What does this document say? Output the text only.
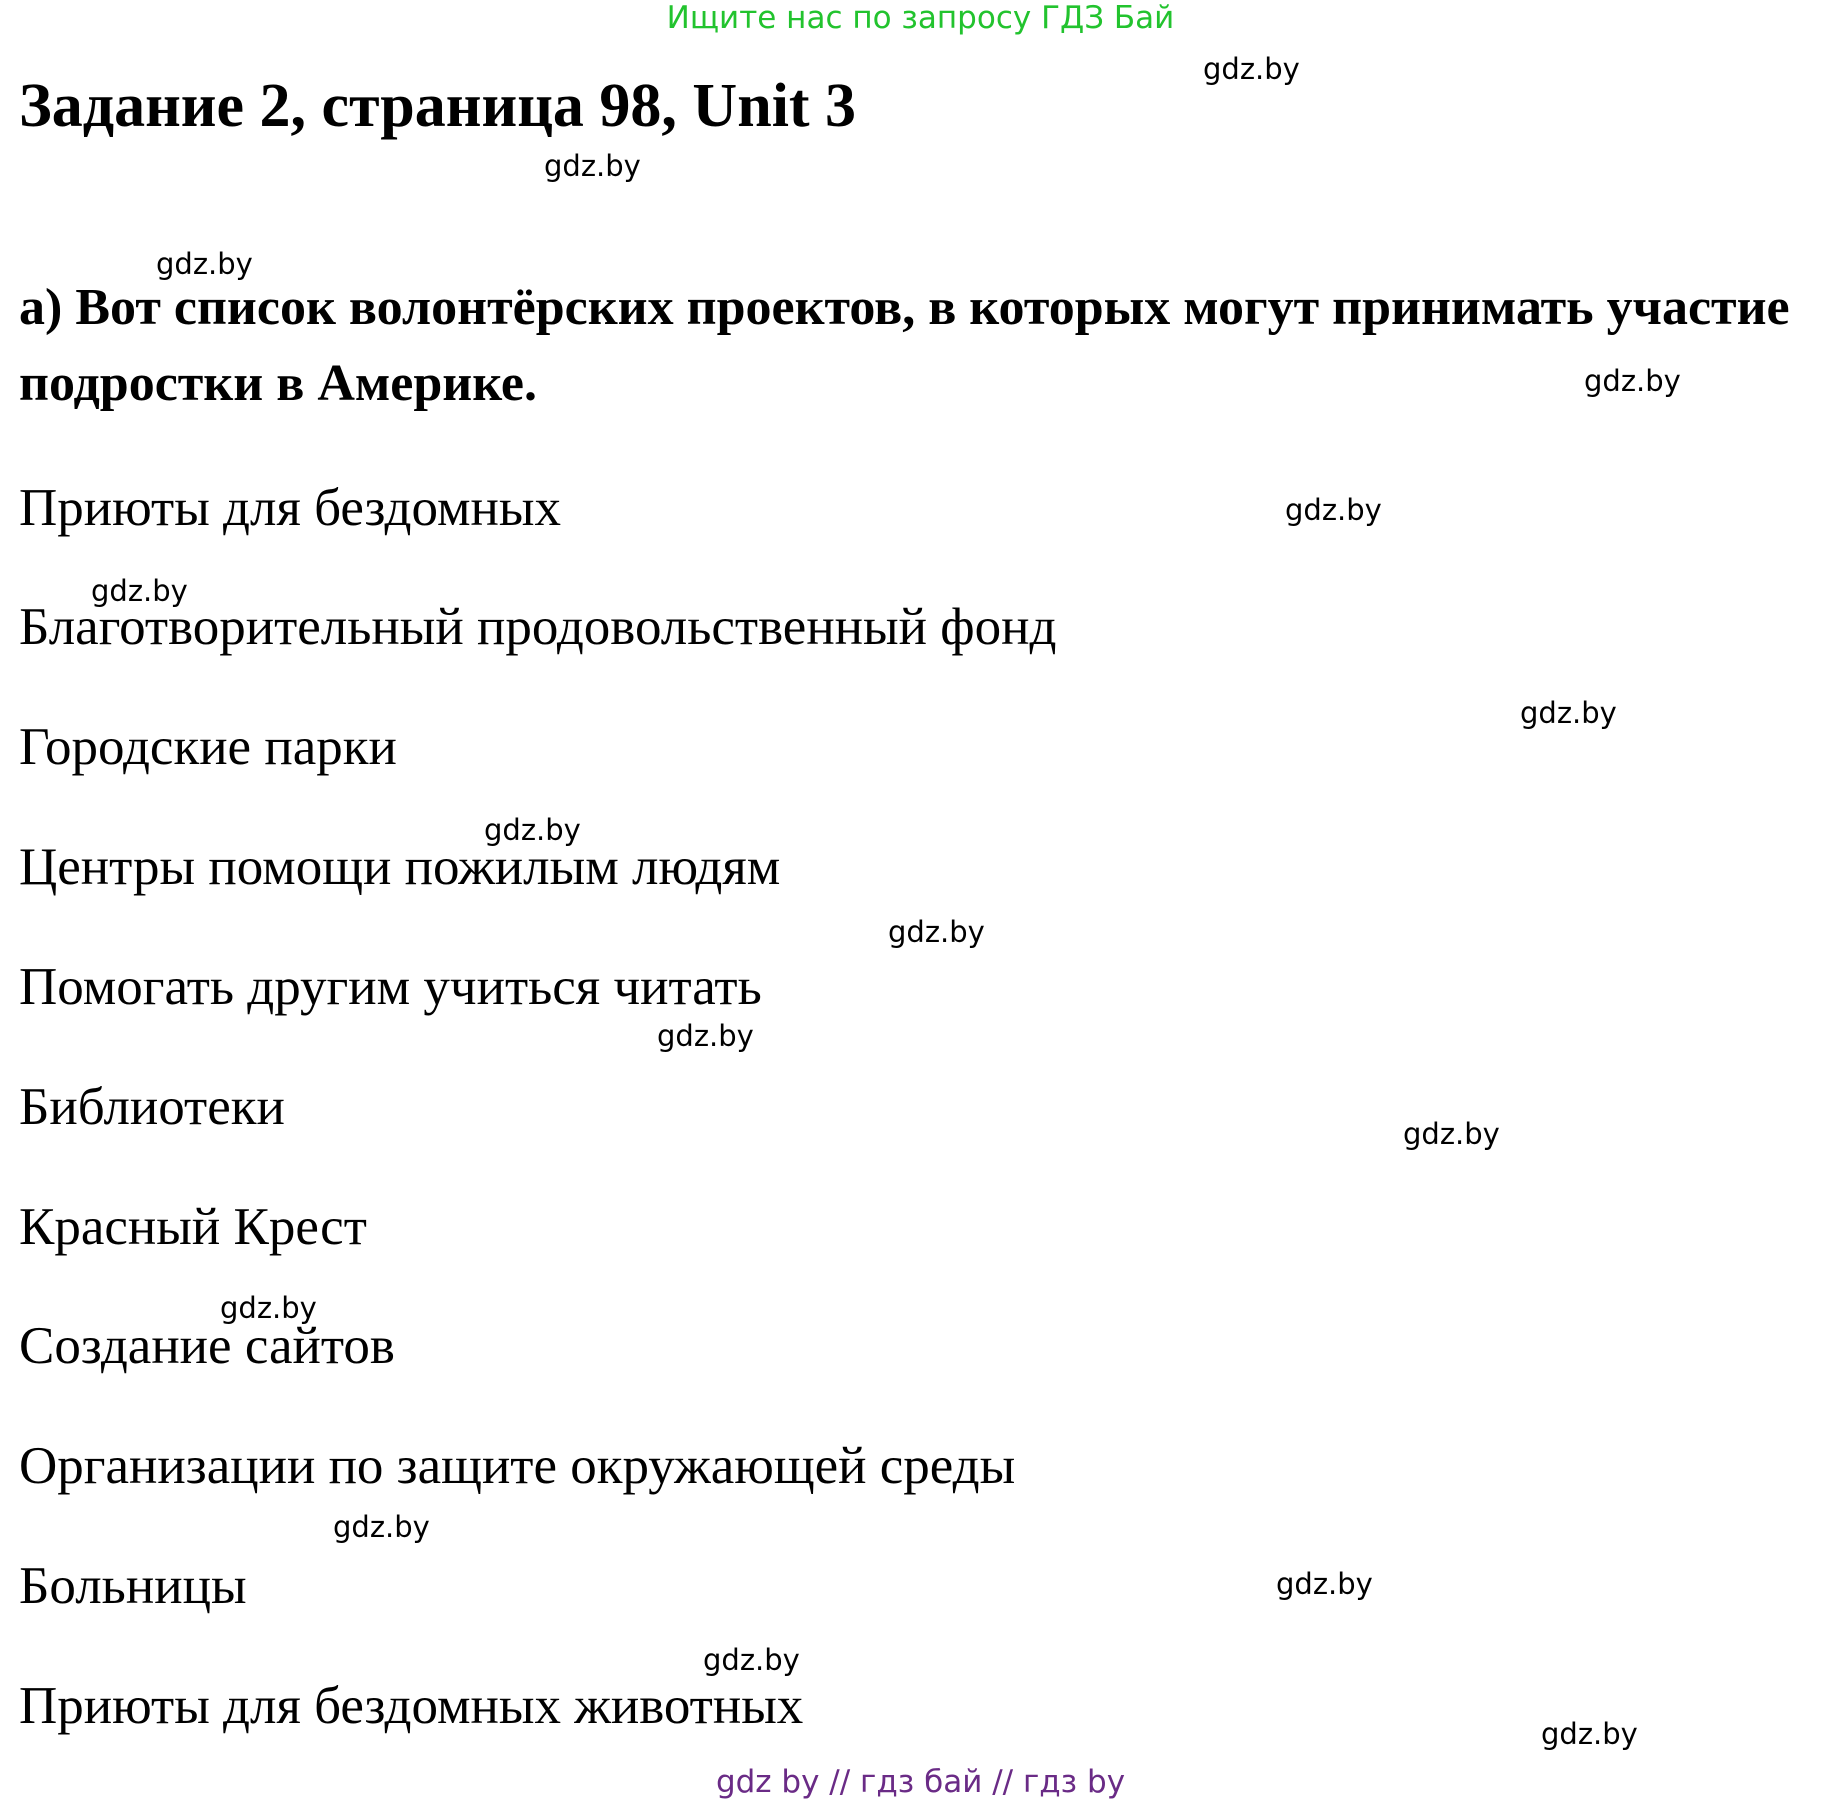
Ищите нас по запросу ГДЗ Бай
Задание 2, страница 98, Unit 3
а) Вот список волонтёрских проектов, в которых могут принимать участие подростки в Америке.
Приюты для бездомных
Благотворительный продовольственный фонд
Городские парки
Центры помощи пожилым людям
Помогать другим учиться читать
Библиотеки
Красный Крест
Создание сайтов
Организации по защите окружающей среды
Больницы
Приюты для бездомных животных
gdz.by
gdz.by
gdz.by
gdz.by
gdz.by
gdz.by
gdz.by
gdz.by
gdz.by
gdz.by
gdz.by
gdz.by
gdz.by
gdz.by
gdz.by
gdz.by
gdz by // гдз бай // гдз by
